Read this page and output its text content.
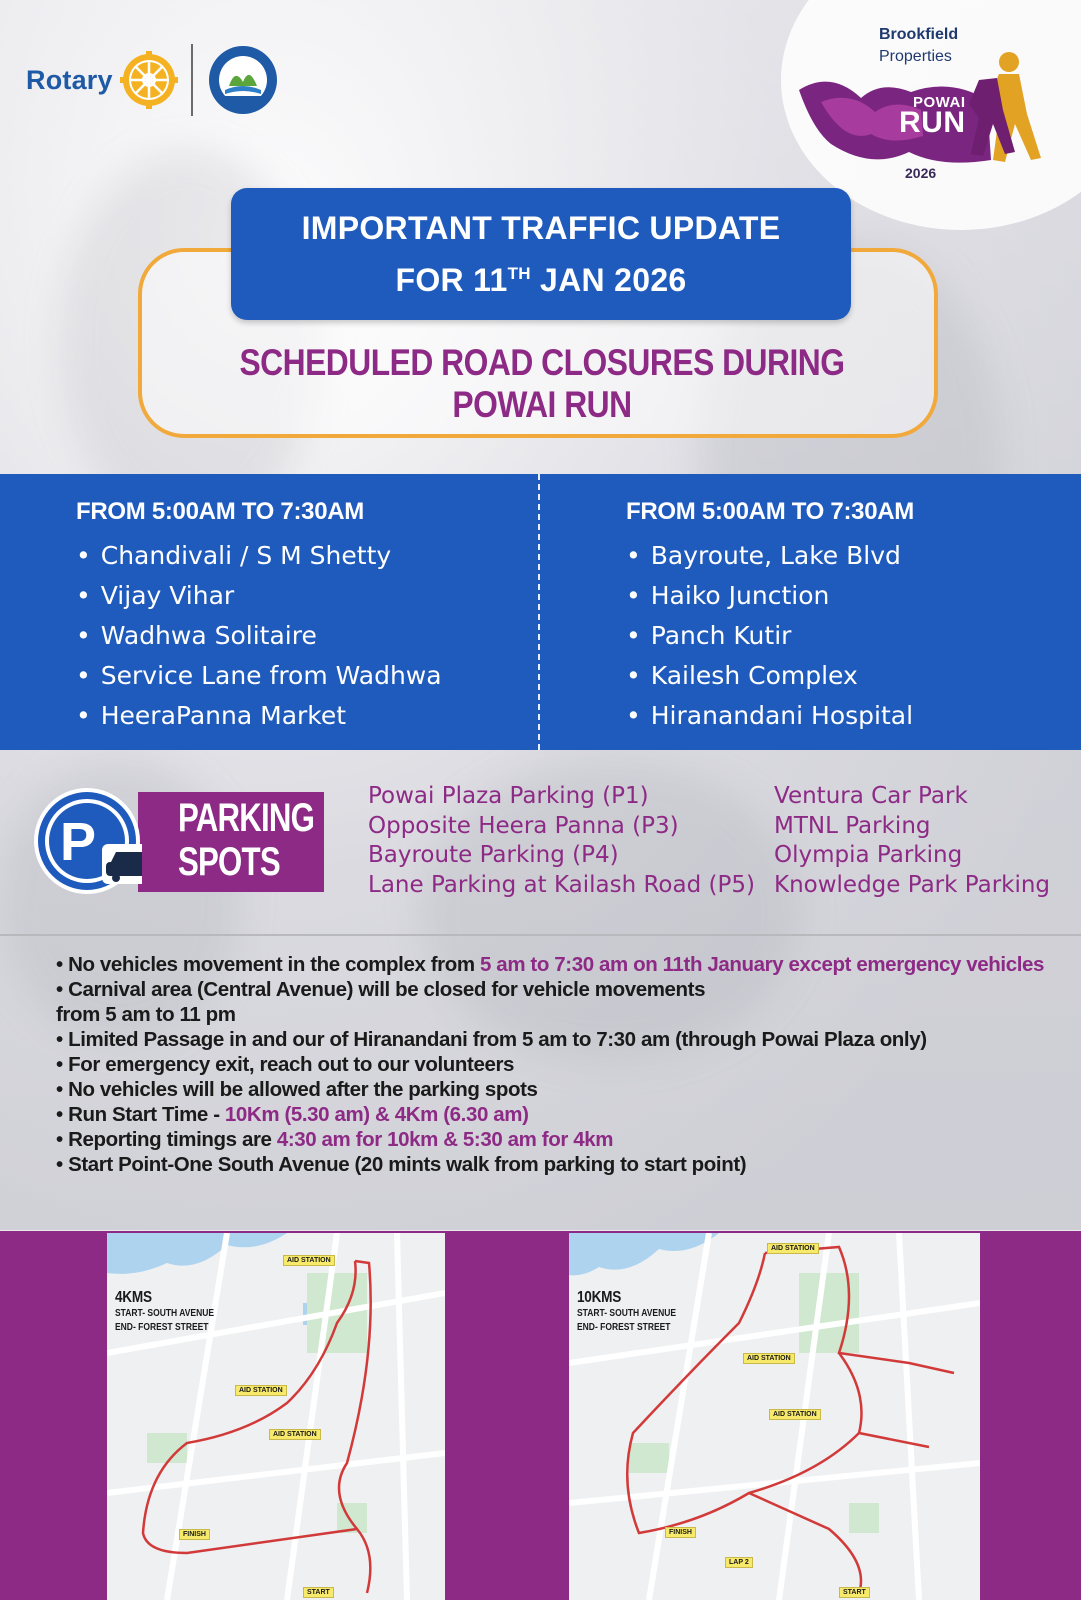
Rotary
Brookfield
Properties
POWAI
RUN
2026
IMPORTANT TRAFFIC UPDATE
FOR 11TH JAN 2026
SCHEDULED ROAD CLOSURES DURING POWAI RUN
FROM 5:00AM TO 7:30AM
• Chandivali / S M Shetty
• Vijay Vihar
• Wadhwa Solitaire
• Service Lane from Wadhwa
• HeeraPanna Market
FROM 5:00AM TO 7:30AM
• Bayroute, Lake Blvd
• Haiko Junction
• Panch Kutir
• Kailesh Complex
• Hiranandani Hospital
PARKING
SPOTS
P
Powai Plaza Parking (P1)
Opposite Heera Panna (P3)
Bayroute Parking (P4)
Lane Parking at Kailash Road (P5)
Ventura Car Park
MTNL Parking
Olympia Parking
Knowledge Park Parking

• No vehicles movement in the complex from 5 am to 7:30 am on 11th January except emergency vehicles

• Carnival area (Central Avenue) will be closed for vehicle movements
from 5 am to 11 pm

• Limited Passage in and our of Hiranandani from 5 am to 7:30 am (through Powai Plaza only)

• For emergency exit, reach out to our volunteers

• No vehicles will be allowed after the parking spots

• Run Start Time - 10Km (5.30 am) & 4Km (6.30 am)

• Reporting timings are 4:30 am for 10km & 5:30 am for 4km

• Start Point-One South Avenue (20 mints walk from parking to start point)

4KMS
START- SOUTH AVENUE
END- FOREST STREET
AID STATION
AID STATION
AID STATION
FINISH
START
10KMS
START- SOUTH AVENUE
END- FOREST STREET
AID STATION
AID STATION
AID STATION
FINISH
LAP 2
START
